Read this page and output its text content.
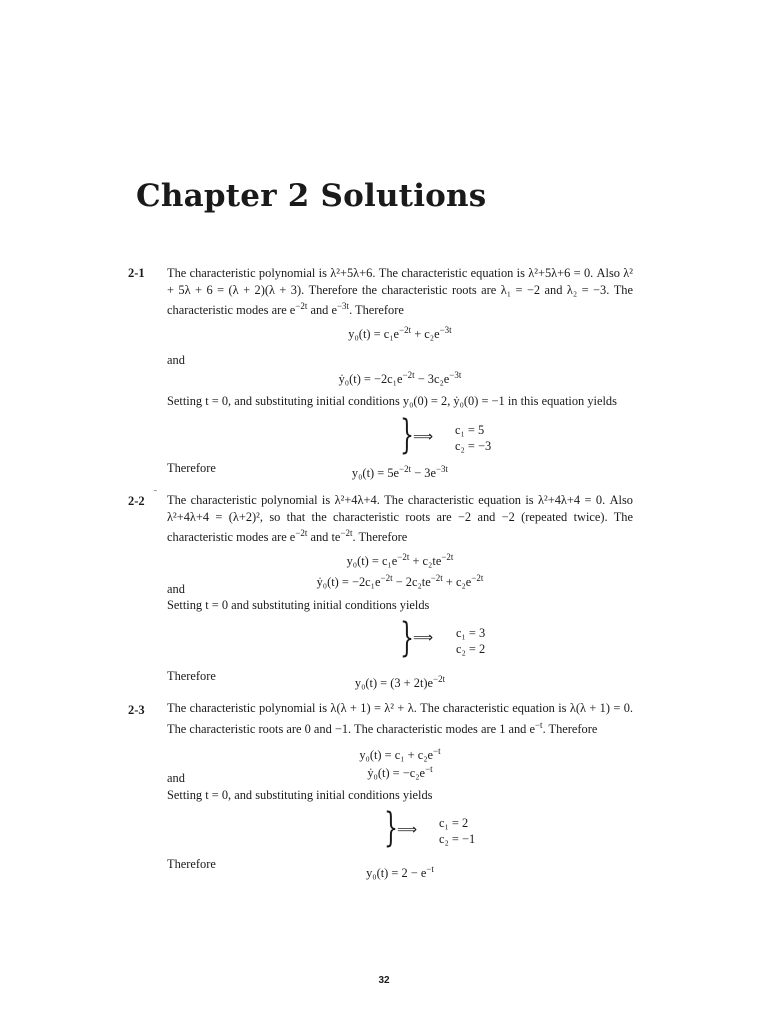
Chapter 2 Solutions
2-1 The characteristic polynomial is λ²+5λ+6. The characteristic equation is λ²+5λ+6 = 0. Also λ² + 5λ + 6 = (λ + 2)(λ + 3). Therefore the characteristic roots are λ₁ = −2 and λ₂ = −3. The characteristic modes are $e^{-2t}$ and $e^{-3t}$. Therefore
$y_0(t) = c_1e^{-2t} + c_2e^{-3t}$
and
ẏ₀(t) = $-2c_1e^{-2t} - 3c_2e^{-3t}$
Setting t = 0, and substituting initial conditions y₀(0) = 2, ẏ₀(0) = −1 in this equation yields
} ⟹ c₁ = 5
c₂ = −3
Therefore	$y_0(t) = 5e^{-2t} - 3e^{-3t}$
2-2 ˜ The characteristic polynomial is λ²+4λ+4. The characteristic equation is λ²+4λ+4 = 0. Also λ²+4λ+4 = (λ+2)², so that the characteristic roots are −2 and −2 (repeated twice). The characteristic modes are $e^{-2t}$ and $te^{-2t}$. Therefore
$y_0(t) = c_1e^{-2t} + c_2te^{-2t}$
and	ẏ₀(t) = $-2c_1e^{-2t} - 2c_2te^{-2t} + c_2e^{-2t}$
Setting t = 0 and substituting initial conditions yields
} ⟹ c₁ = 3
c₂ = 2
Therefore
$y_0(t) = (3 + 2t)e^{-2t}$
2-3 The characteristic polynomial is λ(λ + 1) = λ² + λ. The characteristic equation is λ(λ + 1) = 0. The characteristic roots are 0 and −1. The characteristic modes are 1 and $e^{-t}$. Therefore
$y_0(t) = c_1 + c_2e^{-t}$
and	ẏ₀(t) = $-c_2e^{-t}$
Setting t = 0, and substituting initial conditions yields
} ⟹ c₁ = 2
c₂ = −1
Therefore
$y_0(t) = 2 - e^{-t}$
32
